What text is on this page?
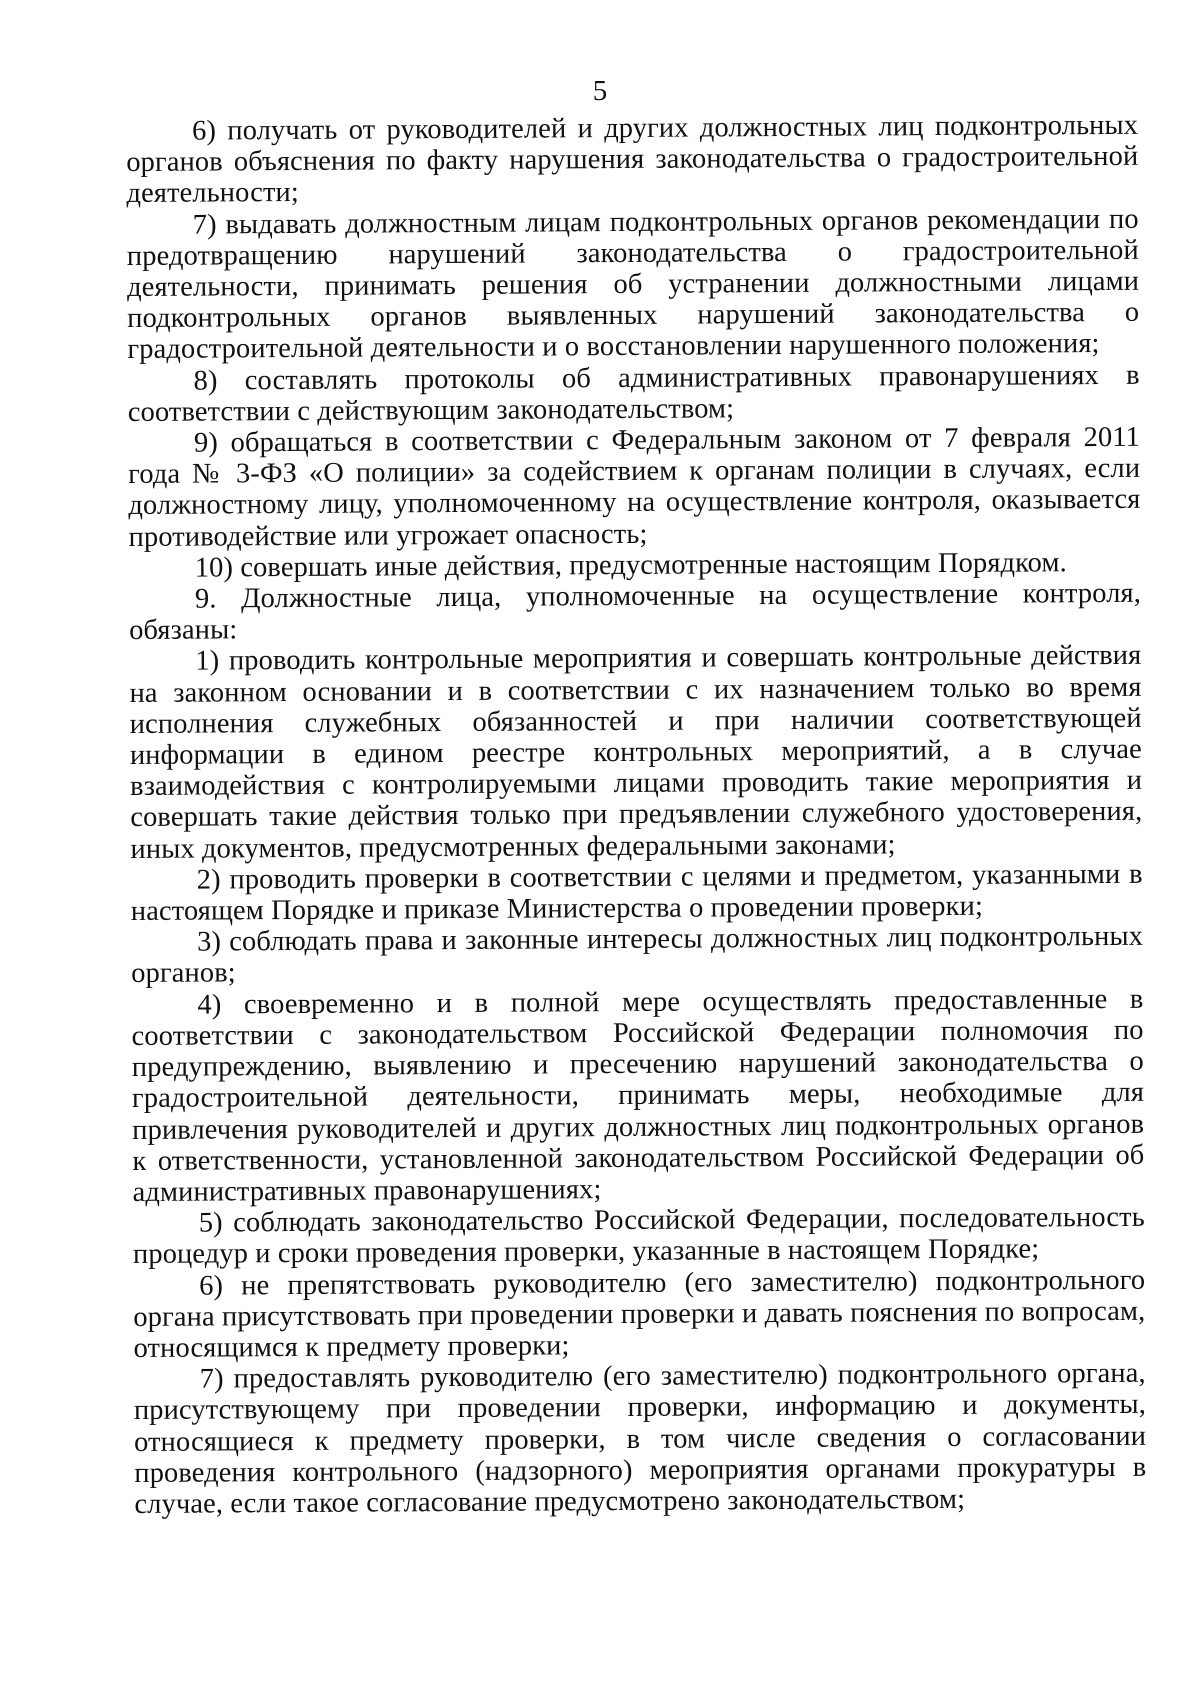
5

6) получать от руководителей и других должностных лиц подконтрольных органов объяснения по факту нарушения законодательства о градостроительной деятельности;

7) выдавать должностным лицам подконтрольных органов рекомендации по предотвращению нарушений законодательства о градостроительной деятельности, принимать решения об устранении должностными лицами подконтрольных органов выявленных нарушений законодательства о градостроительной деятельности и о восстановлении нарушенного положения;

8) составлять протоколы об административных правонарушениях в соответствии с действующим законодательством;

9) обращаться в соответствии с Федеральным законом от 7 февраля 2011 года № 3-ФЗ «О полиции» за содействием к органам полиции в случаях, если должностному лицу, уполномоченному на осуществление контроля, оказывается противодействие или угрожает опасность;

10) совершать иные действия, предусмотренные настоящим Порядком.

9. Должностные лица, уполномоченные на осуществление контроля, обязаны:

1) проводить контрольные мероприятия и совершать контрольные действия на законном основании и в соответствии с их назначением только во время исполнения служебных обязанностей и при наличии соответствующей информации в едином реестре контрольных мероприятий, а в случае взаимодействия с контролируемыми лицами проводить такие мероприятия и совершать такие действия только при предъявлении служебного удостоверения, иных документов, предусмотренных федеральными законами;

2) проводить проверки в соответствии с целями и предметом, указанными в настоящем Порядке и приказе Министерства о проведении проверки;

3) соблюдать права и законные интересы должностных лиц подконтрольных органов;

4) своевременно и в полной мере осуществлять предоставленные в соответствии с законодательством Российской Федерации полномочия по предупреждению, выявлению и пресечению нарушений законодательства о градостроительной деятельности, принимать меры, необходимые для привлечения руководителей и других должностных лиц подконтрольных органов к ответственности, установленной законодательством Российской Федерации об административных правонарушениях;

5) соблюдать законодательство Российской Федерации, последовательность процедур и сроки проведения проверки, указанные в настоящем Порядке;

6) не препятствовать руководителю (его заместителю) подконтрольного органа присутствовать при проведении проверки и давать пояснения по вопросам, относящимся к предмету проверки;

7) предоставлять руководителю (его заместителю) подконтрольного органа, присутствующему при проведении проверки, информацию и документы, относящиеся к предмету проверки, в том числе сведения о согласовании проведения контрольного (надзорного) мероприятия органами прокуратуры в случае, если такое согласование предусмотрено законодательством;
